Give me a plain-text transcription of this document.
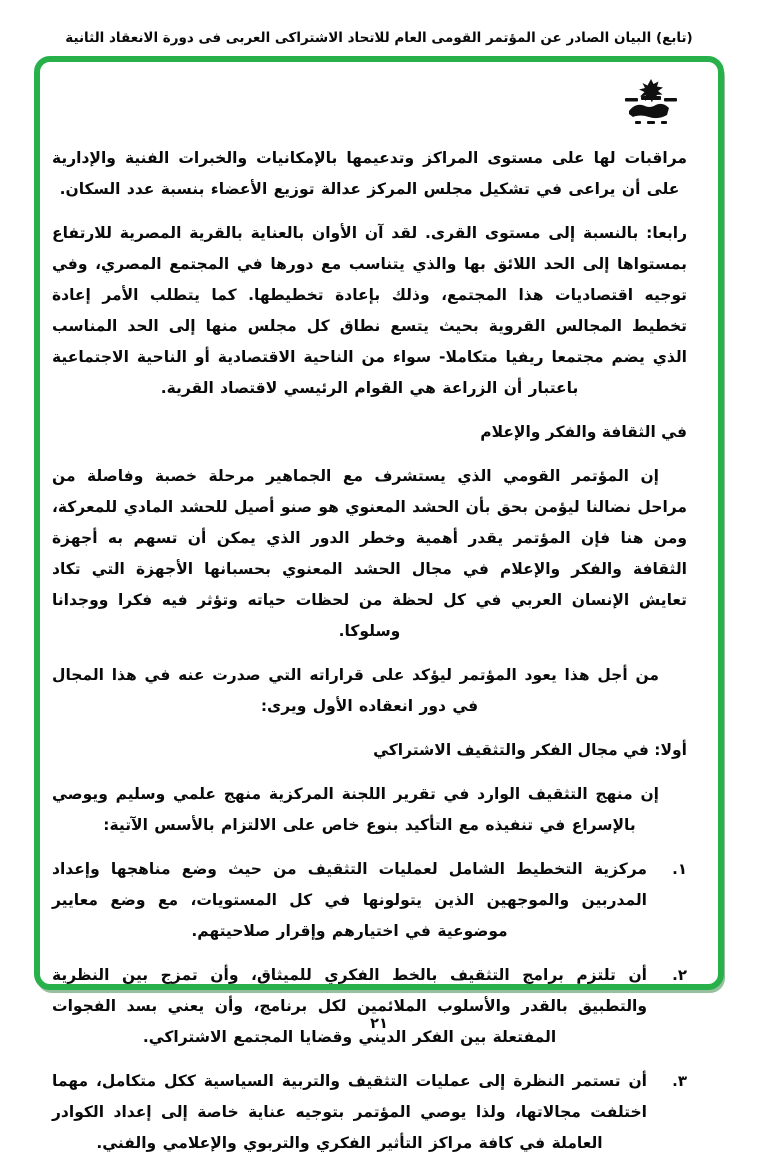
(تابع) البيان الصادر عن المؤتمر القومى العام للاتحاد الاشتراكى العربى فى دورة الانعقاد الثانية
مراقبات لها على مستوى المراكز وتدعيمها بالإمكانيات والخبرات الفنية والإدارية على أن يراعى في تشكيل مجلس المركز عدالة توزيع الأعضاء بنسبة عدد السكان.
رابعا: بالنسبة إلى مستوى القرى. لقد آن الأوان بالعناية بالقرية المصرية للارتفاع بمستواها إلى الحد اللائق بها والذي يتناسب مع دورها في المجتمع المصري، وفي توجيه اقتصاديات هذا المجتمع، وذلك بإعادة تخطيطها. كما يتطلب الأمر إعادة تخطيط المجالس القروية بحيث يتسع نطاق كل مجلس منها إلى الحد المناسب الذي يضم مجتمعا ريفيا متكاملا- سواء من الناحية الاقتصادية أو الناحية الاجتماعية باعتبار أن الزراعة هي القوام الرئيسي لاقتصاد القرية.
في الثقافة والفكر والإعلام
إن المؤتمر القومي الذي يستشرف مع الجماهير مرحلة خصبة وفاصلة من مراحل نضالنا ليؤمن بحق بأن الحشد المعنوي هو صنو أصيل للحشد المادي للمعركة، ومن هنا فإن المؤتمر يقدر أهمية وخطر الدور الذي يمكن أن تسهم به أجهزة الثقافة والفكر والإعلام في مجال الحشد المعنوي بحسبانها الأجهزة التي تكاد تعايش الإنسان العربي في كل لحظة من لحظات حياته وتؤثر فيه فكرا ووجدانا وسلوكا.
من أجل هذا يعود المؤتمر ليؤكد على قراراته التي صدرت عنه في هذا المجال في دور انعقاده الأول ويرى:
أولا: في مجال الفكر والتثقيف الاشتراكي
إن منهج التثقيف الوارد في تقرير اللجنة المركزية منهج علمي وسليم ويوصي بالإسراع في تنفيذه مع التأكيد بنوع خاص على الالتزام بالأسس الآتية:
١.
مركزية التخطيط الشامل لعمليات التثقيف من حيث وضع مناهجها وإعداد المدربين والموجهين الذين يتولونها في كل المستويات، مع وضع معايير موضوعية في اختيارهم وإقرار صلاحيتهم.
٢.
أن تلتزم برامج التثقيف بالخط الفكري للميثاق، وأن تمزج بين النظرية والتطبيق بالقدر والأسلوب الملائمين لكل برنامج، وأن يعني بسد الفجوات المفتعلة بين الفكر الديني وقضايا المجتمع الاشتراكي.
٣.
أن تستمر النظرة إلى عمليات التثقيف والتربية السياسية ككل متكامل، مهما اختلفت مجالاتها، ولذا يوصي المؤتمر بتوجيه عناية خاصة إلى إعداد الكوادر العاملة في كافة مراكز التأثير الفكري والتربوي والإعلامي والفني.
٢١
